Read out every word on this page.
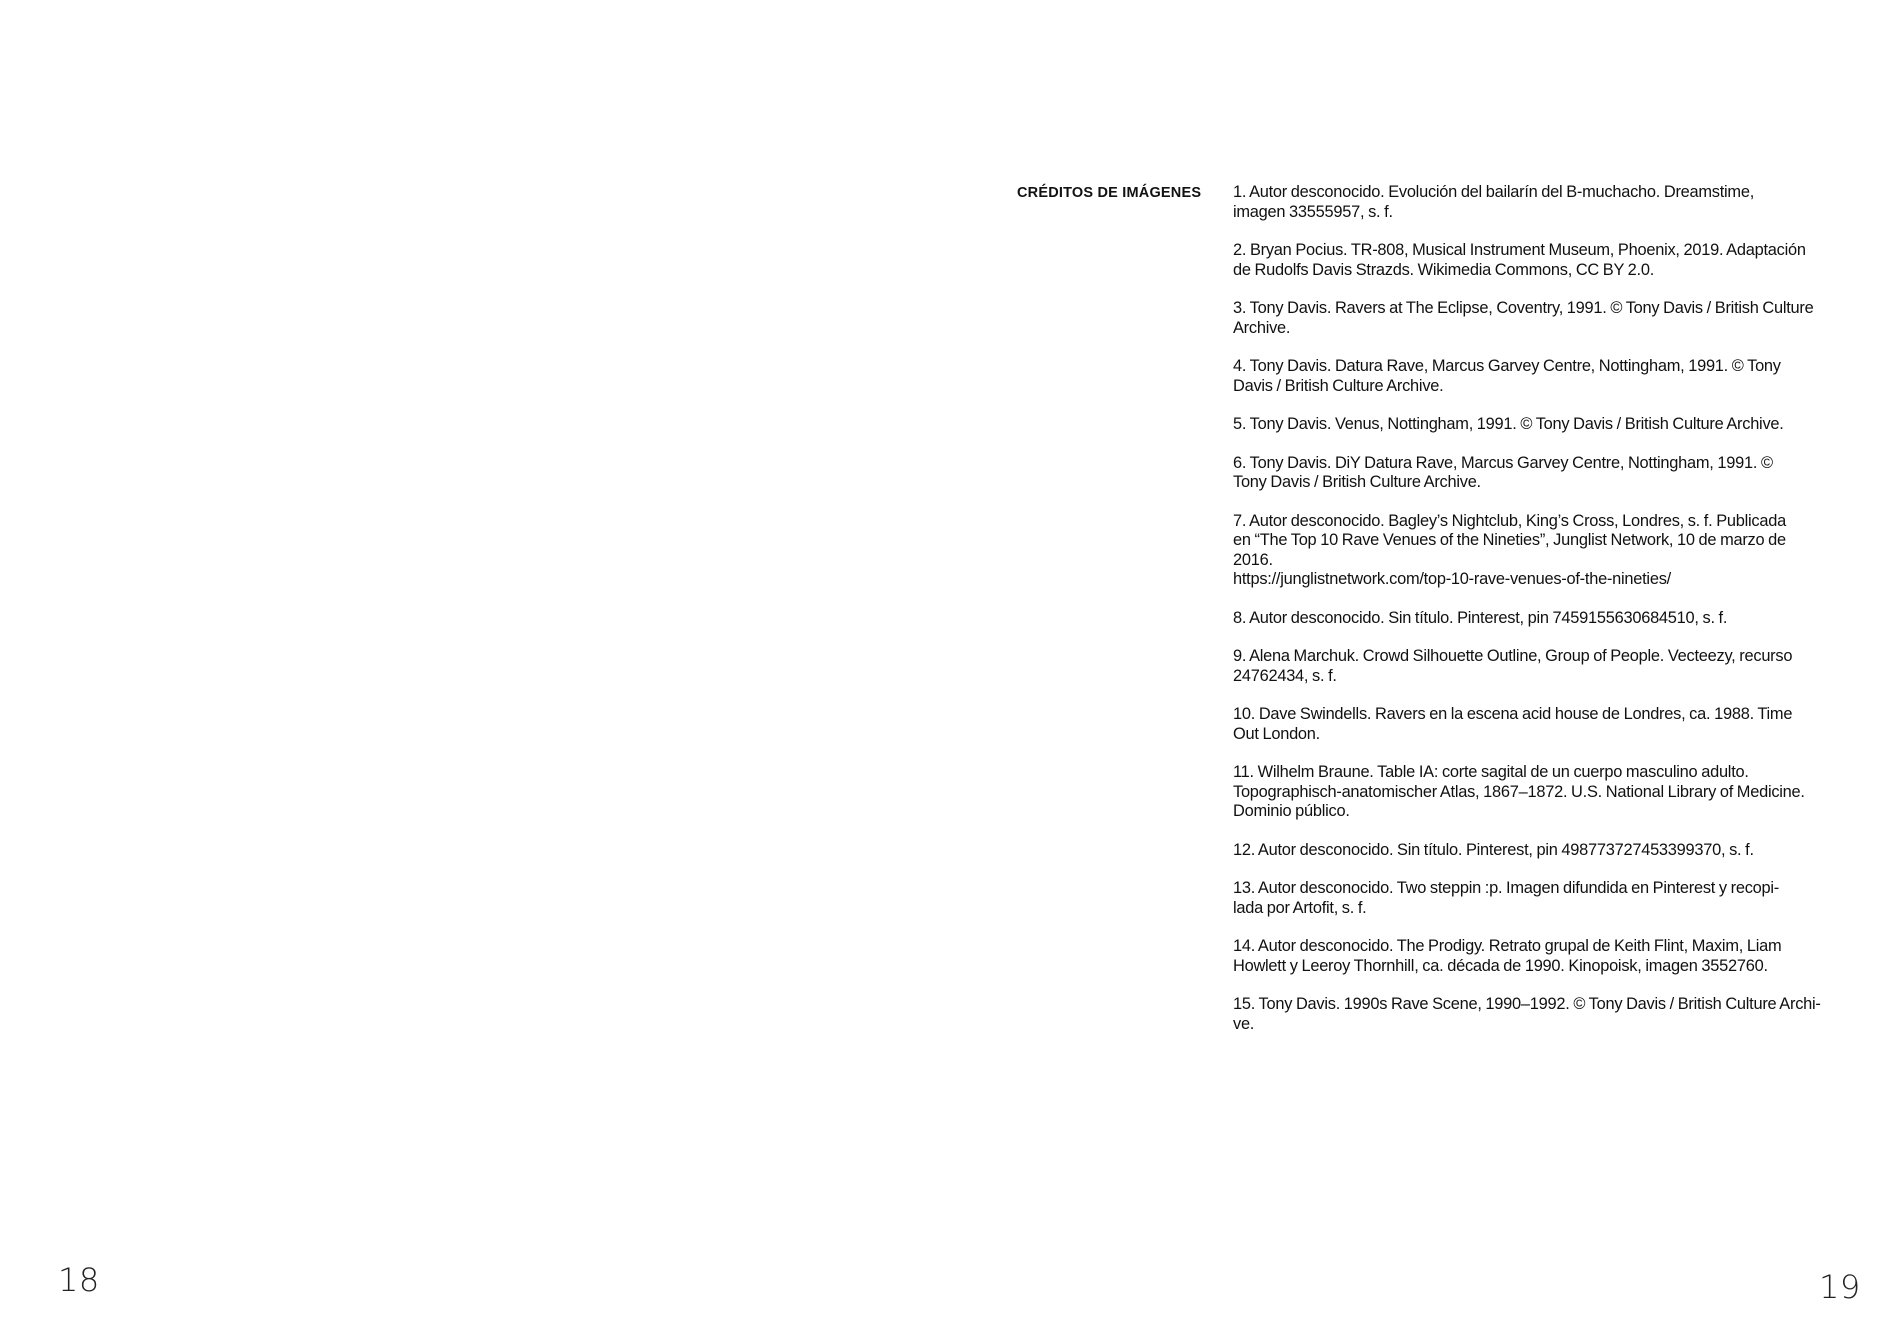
18
CRÉDITOS DE IMÁGENES	1. Autor desconocido. Evolución del bailarín del B-muchacho. Dreamstime,
imagen 33555957, s. f.
2. Bryan Pocius. TR-808, Musical Instrument Museum, Phoenix, 2019. Adaptación
de Rudolfs Davis Strazds. Wikimedia Commons, CC BY 2.0.
3. Tony Davis. Ravers at The Eclipse, Coventry, 1991. © Tony Davis / British Culture
Archive.
4. Tony Davis. Datura Rave, Marcus Garvey Centre, Nottingham, 1991. © Tony
Davis / British Culture Archive.
5. Tony Davis. Venus, Nottingham, 1991. © Tony Davis / British Culture Archive.
6. Tony Davis. DiY Datura Rave, Marcus Garvey Centre, Nottingham, 1991. ©
Tony Davis / British Culture Archive.
7. Autor desconocido. Bagley’s Nightclub, King’s Cross, Londres, s. f. Publicada
en “The Top 10 Rave Venues of the Nineties”, Junglist Network, 10 de marzo de
2016.
https://junglistnetwork.com/top-10-rave-venues-of-the-nineties/
8. Autor desconocido. Sin título. Pinterest, pin 745915563068451​0, s. f.
9. Alena Marchuk. Crowd Silhouette Outline, Group of People. Vecteezy, recurso
24762434, s. f.
10. Dave Swindells. Ravers en la escena acid house de Londres, ca. 1988. Time
Out London.
11. Wilhelm Braune. Table IA: corte sagital de un cuerpo masculino adulto.
Topographisch-anatomischer Atlas, 1867–1872. U.S. National Library of Medicine.
Dominio público.
12. Autor desconocido. Sin título. Pinterest, pin 498773727453399370, s. f.
13. Autor desconocido. Two steppin :p. Imagen difundida en Pinterest y recopi-
lada por Artofit, s. f.
14. Autor desconocido. The Prodigy. Retrato grupal de Keith Flint, Maxim, Liam
Howlett y Leeroy Thornhill, ca. década de 1990. Kinopoisk, imagen 3552760.
15. Tony Davis. 1990s Rave Scene, 1990–1992. © Tony Davis / British Culture Archi-
ve.
19
